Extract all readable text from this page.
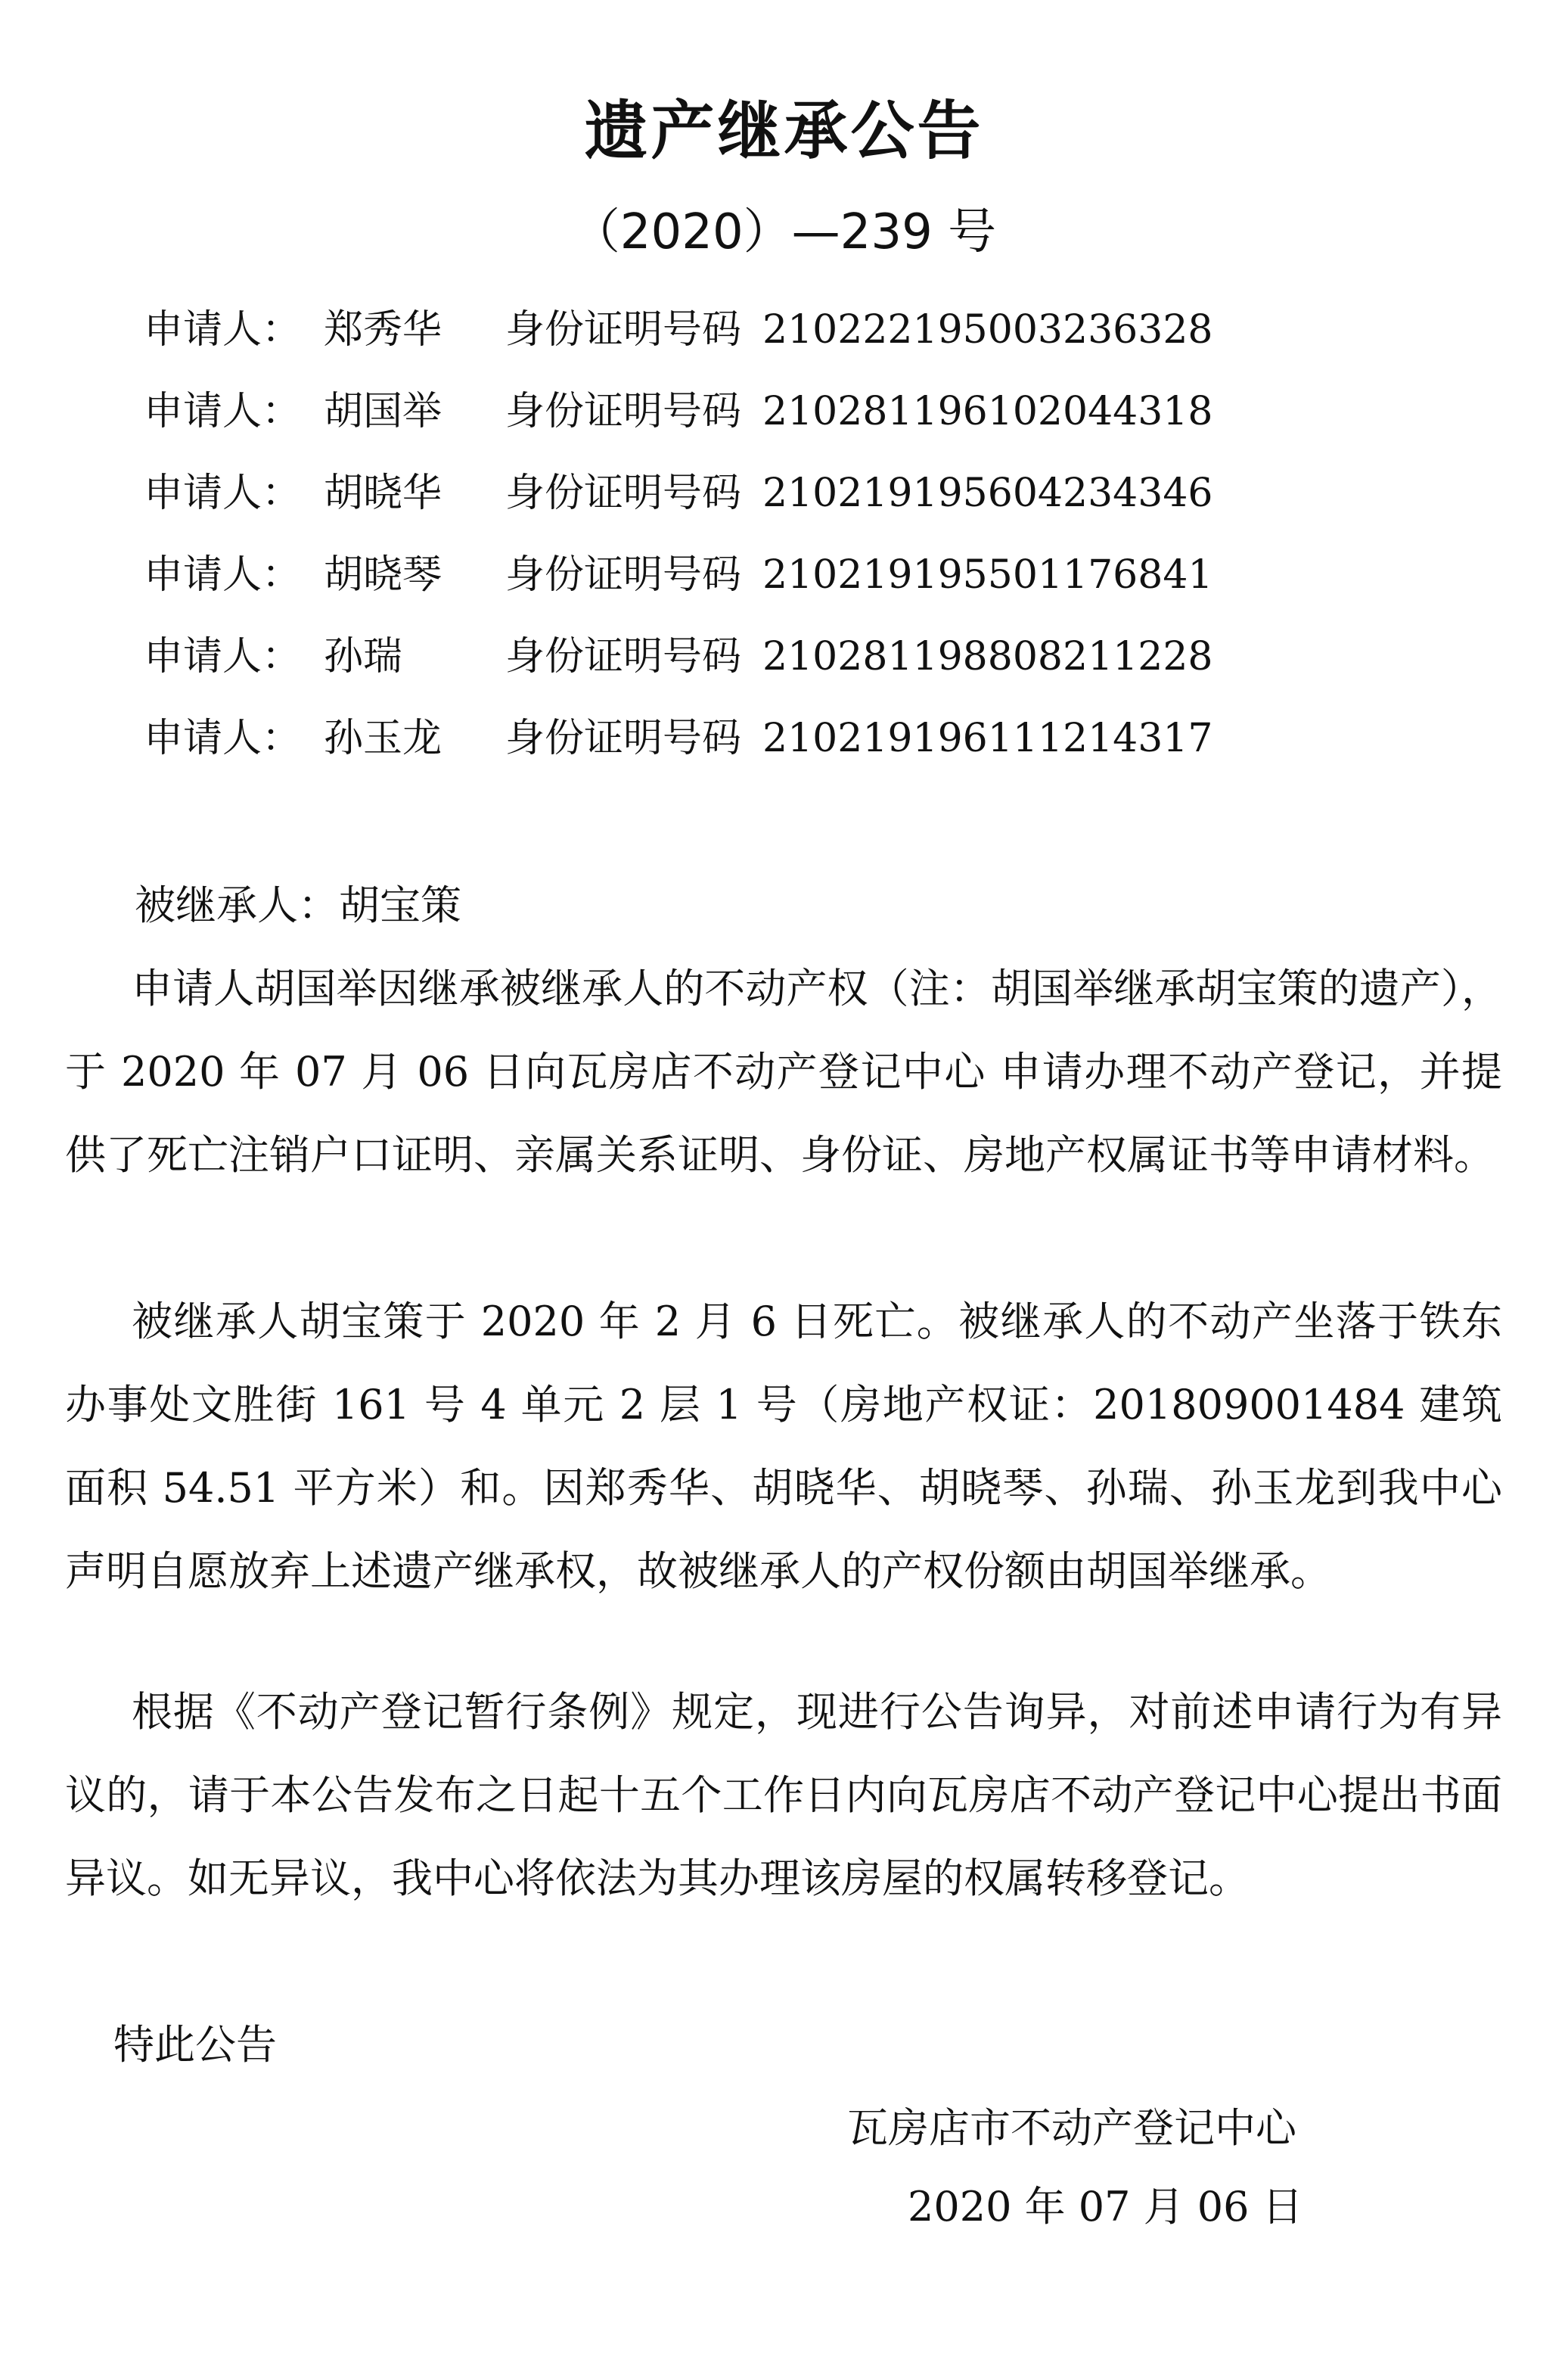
遗产继承公告
（2020）—239 号
申请人： 郑秀华 身份证明号码 210222195003236328
申请人： 胡国举 身份证明号码 210281196102044318
申请人： 胡晓华 身份证明号码 210219195604234346
申请人： 胡晓琴 身份证明号码 210219195501176841
申请人： 孙瑞	身份证明号码 210281198808211228
申请人： 孙玉龙 身份证明号码 210219196111214317
被继承人：胡宝策

申请人胡国举因继承被继承人的不动产权（注：胡国举继承胡宝策的遗产），于 2020 年 07 月 06 日向瓦房店不动产登记中心 申请办理不动产登记，并提供了死亡注销户口证明、亲属关系证明、身份证、房地产权属证书等申请材料。

被继承人胡宝策于 2020 年 2 月 6 日死亡。被继承人的不动产坐落于铁东办事处文胜街 161 号 4 单元 2 层 1 号（房地产权证：201809001484 建筑面积 54.51 平方米）和。因郑秀华、胡晓华、胡晓琴、孙瑞、孙玉龙到我中心声明自愿放弃上述遗产继承权，故被继承人的产权份额由胡国举继承。

根据《不动产登记暂行条例》规定，现进行公告询异，对前述申请行为有异议的，请于本公告发布之日起十五个工作日内向瓦房店不动产登记中心提出书面异议。如无异议，我中心将依法为其办理该房屋的权属转移登记。

特此公告
瓦房店市不动产登记中心
2020 年 07 月 06 日
